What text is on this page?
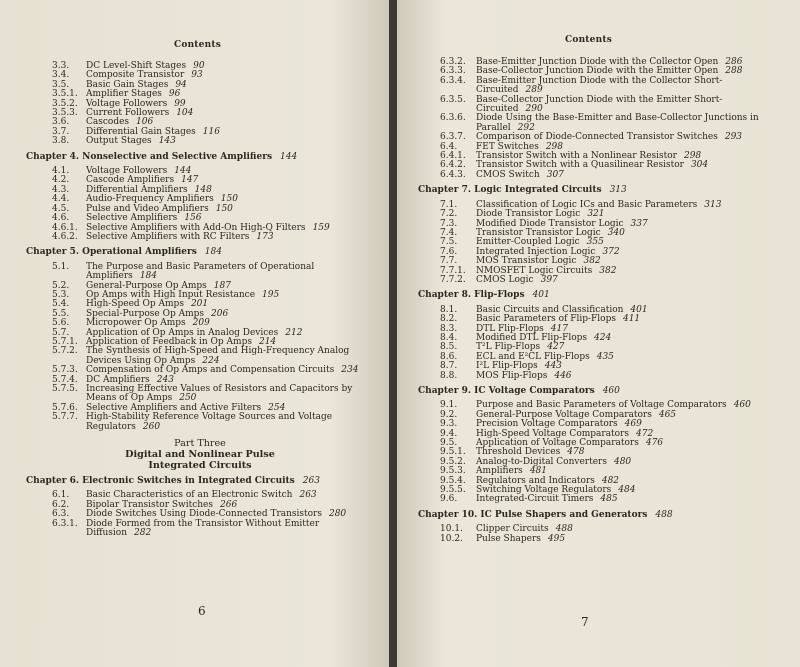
Contents
3.3.	DC Level-Shift Stages 90
3.4.	Composite Transistor 93
3.5.	Basic Gain Stages 94
3.5.1. Amplifier Stages 96
3.5.2. Voltage Followers 99
3.5.3. Current Followers 104
3.6.	Cascodes 106
3.7.	Differential Gain Stages 116
3.8.	Output Stages 143
Chapter 4. Nonselective and Selective Amplifiers 144
4.1.	Voltage Followers 144
4.2.	Cascode Amplifiers 147
4.3.	Differential Amplifiers 148
4.4.	Audio-Frequency Amplifiers 150
4.5.	Pulse and Video Amplifiers 150
4.6.	Selective Amplifiers 156
4.6.1. Selective Amplifiers with Add-On High-Q Filters 159
4.6.2. Selective Amplifiers with RC Filters 173
Chapter 5. Operational Amplifiers 184
5.1.	The Purpose and Basic Parameters of Operational Amplifiers 184
5.2.	General-Purpose Op Amps 187
5.3.	Op Amps with High Input Resistance 195
5.4.	High-Speed Op Amps 201
5.5.	Special-Purpose Op Amps 206
5.6.	Micropower Op Amps 209
5.7.	Application of Op Amps in Analog Devices 212
5.7.1. Application of Feedback in Op Amps 214
5.7.2. The Synthesis of High-Speed and High-Frequency Analog Devices Using Op Amps 224
5.7.3. Compensation of Op Amps and Compensation Circuits 234
5.7.4. DC Amplifiers 243
5.7.5. Increasing Effective Values of Resistors and Capacitors by Means of Op Amps 250
5.7.6. Selective Amplifiers and Active Filters 254
5.7.7. High-Stability Reference Voltage Sources and Voltage Regulators 260
Part Three
Digital and Nonlinear Pulse
Integrated Circuits
Chapter 6. Electronic Switches in Integrated Circuits 263
6.1.	Basic Characteristics of an Electronic Switch 263
6.2.	Bipolar Transistor Switches 266
6.3.	Diode Switches Using Diode-Connected Transistors 280
6.3.1. Diode Formed from the Transistor Without Emitter Diffusion 282
6
Contents
6.3.2.	Base-Emitter Junction Diode with the Collector Open 286
6.3.3.	Base-Collector Junction Diode with the Emitter Open 288
6.3.4.	Base-Emitter Junction Diode with the Collector Short-Circuited 289
6.3.5.	Base-Collector Junction Diode with the Emitter Short-Circuited 290
6.3.6.	Diode Using the Base-Emitter and Base-Collector Junctions in Parallel 292
6.3.7.	Comparison of Diode-Connected Transistor Switches 293
6.4.	FET Switches 298
6.4.1.	Transistor Switch with a Nonlinear Resistor 298
6.4.2.	Transistor Switch with a Quasilinear Resistor 304
6.4.3.	CMOS Switch 307
Chapter 7. Logic Integrated Circuits 313
7.1.	Classification of Logic ICs and Basic Parameters 313
7.2.	Diode Transistor Logic 321
7.3.	Modified Diode Transistor Logic 337
7.4.	Transistor Transistor Logic 340
7.5.	Emitter-Coupled Logic 355
7.6.	Integrated Injection Logic 372
7.7.	MOS Transistor Logic 382
7.7.1.	NMOSFET Logic Circuits 382
7.7.2.	CMOS Logic 397
Chapter 8. Flip-Flops 401
8.1.	Basic Circuits and Classification 401
8.2.	Basic Parameters of Flip-Flops 411
8.3.	DTL Flip-Flops 417
8.4.	Modified DTL Flip-Flops 424
8.5.	T²L Flip-Flops 427
8.6.	ECL and E²CL Flip-Flops 435
8.7.	I²L Flip-Flops 443
8.8.	MOS Flip-Flops 446
Chapter 9. IC Voltage Comparators 460
9.1.	Purpose and Basic Parameters of Voltage Comparators 460
9.2.	General-Purpose Voltage Comparators 465
9.3.	Precision Voltage Comparators 469
9.4.	High-Speed Voltage Comparators 472
9.5.	Application of Voltage Comparators 476
9.5.1.	Threshold Devices 478
9.5.2.	Analog-to-Digital Converters 480
9.5.3.	Amplifiers 481
9.5.4.	Regulators and Indicators 482
9.5.5.	Switching Voltage Regulators 484
9.6.	Integrated-Circuit Timers 485
Chapter 10. IC Pulse Shapers and Generators 488
10.1.	Clipper Circuits 488
10.2.	Pulse Shapers 495
7
